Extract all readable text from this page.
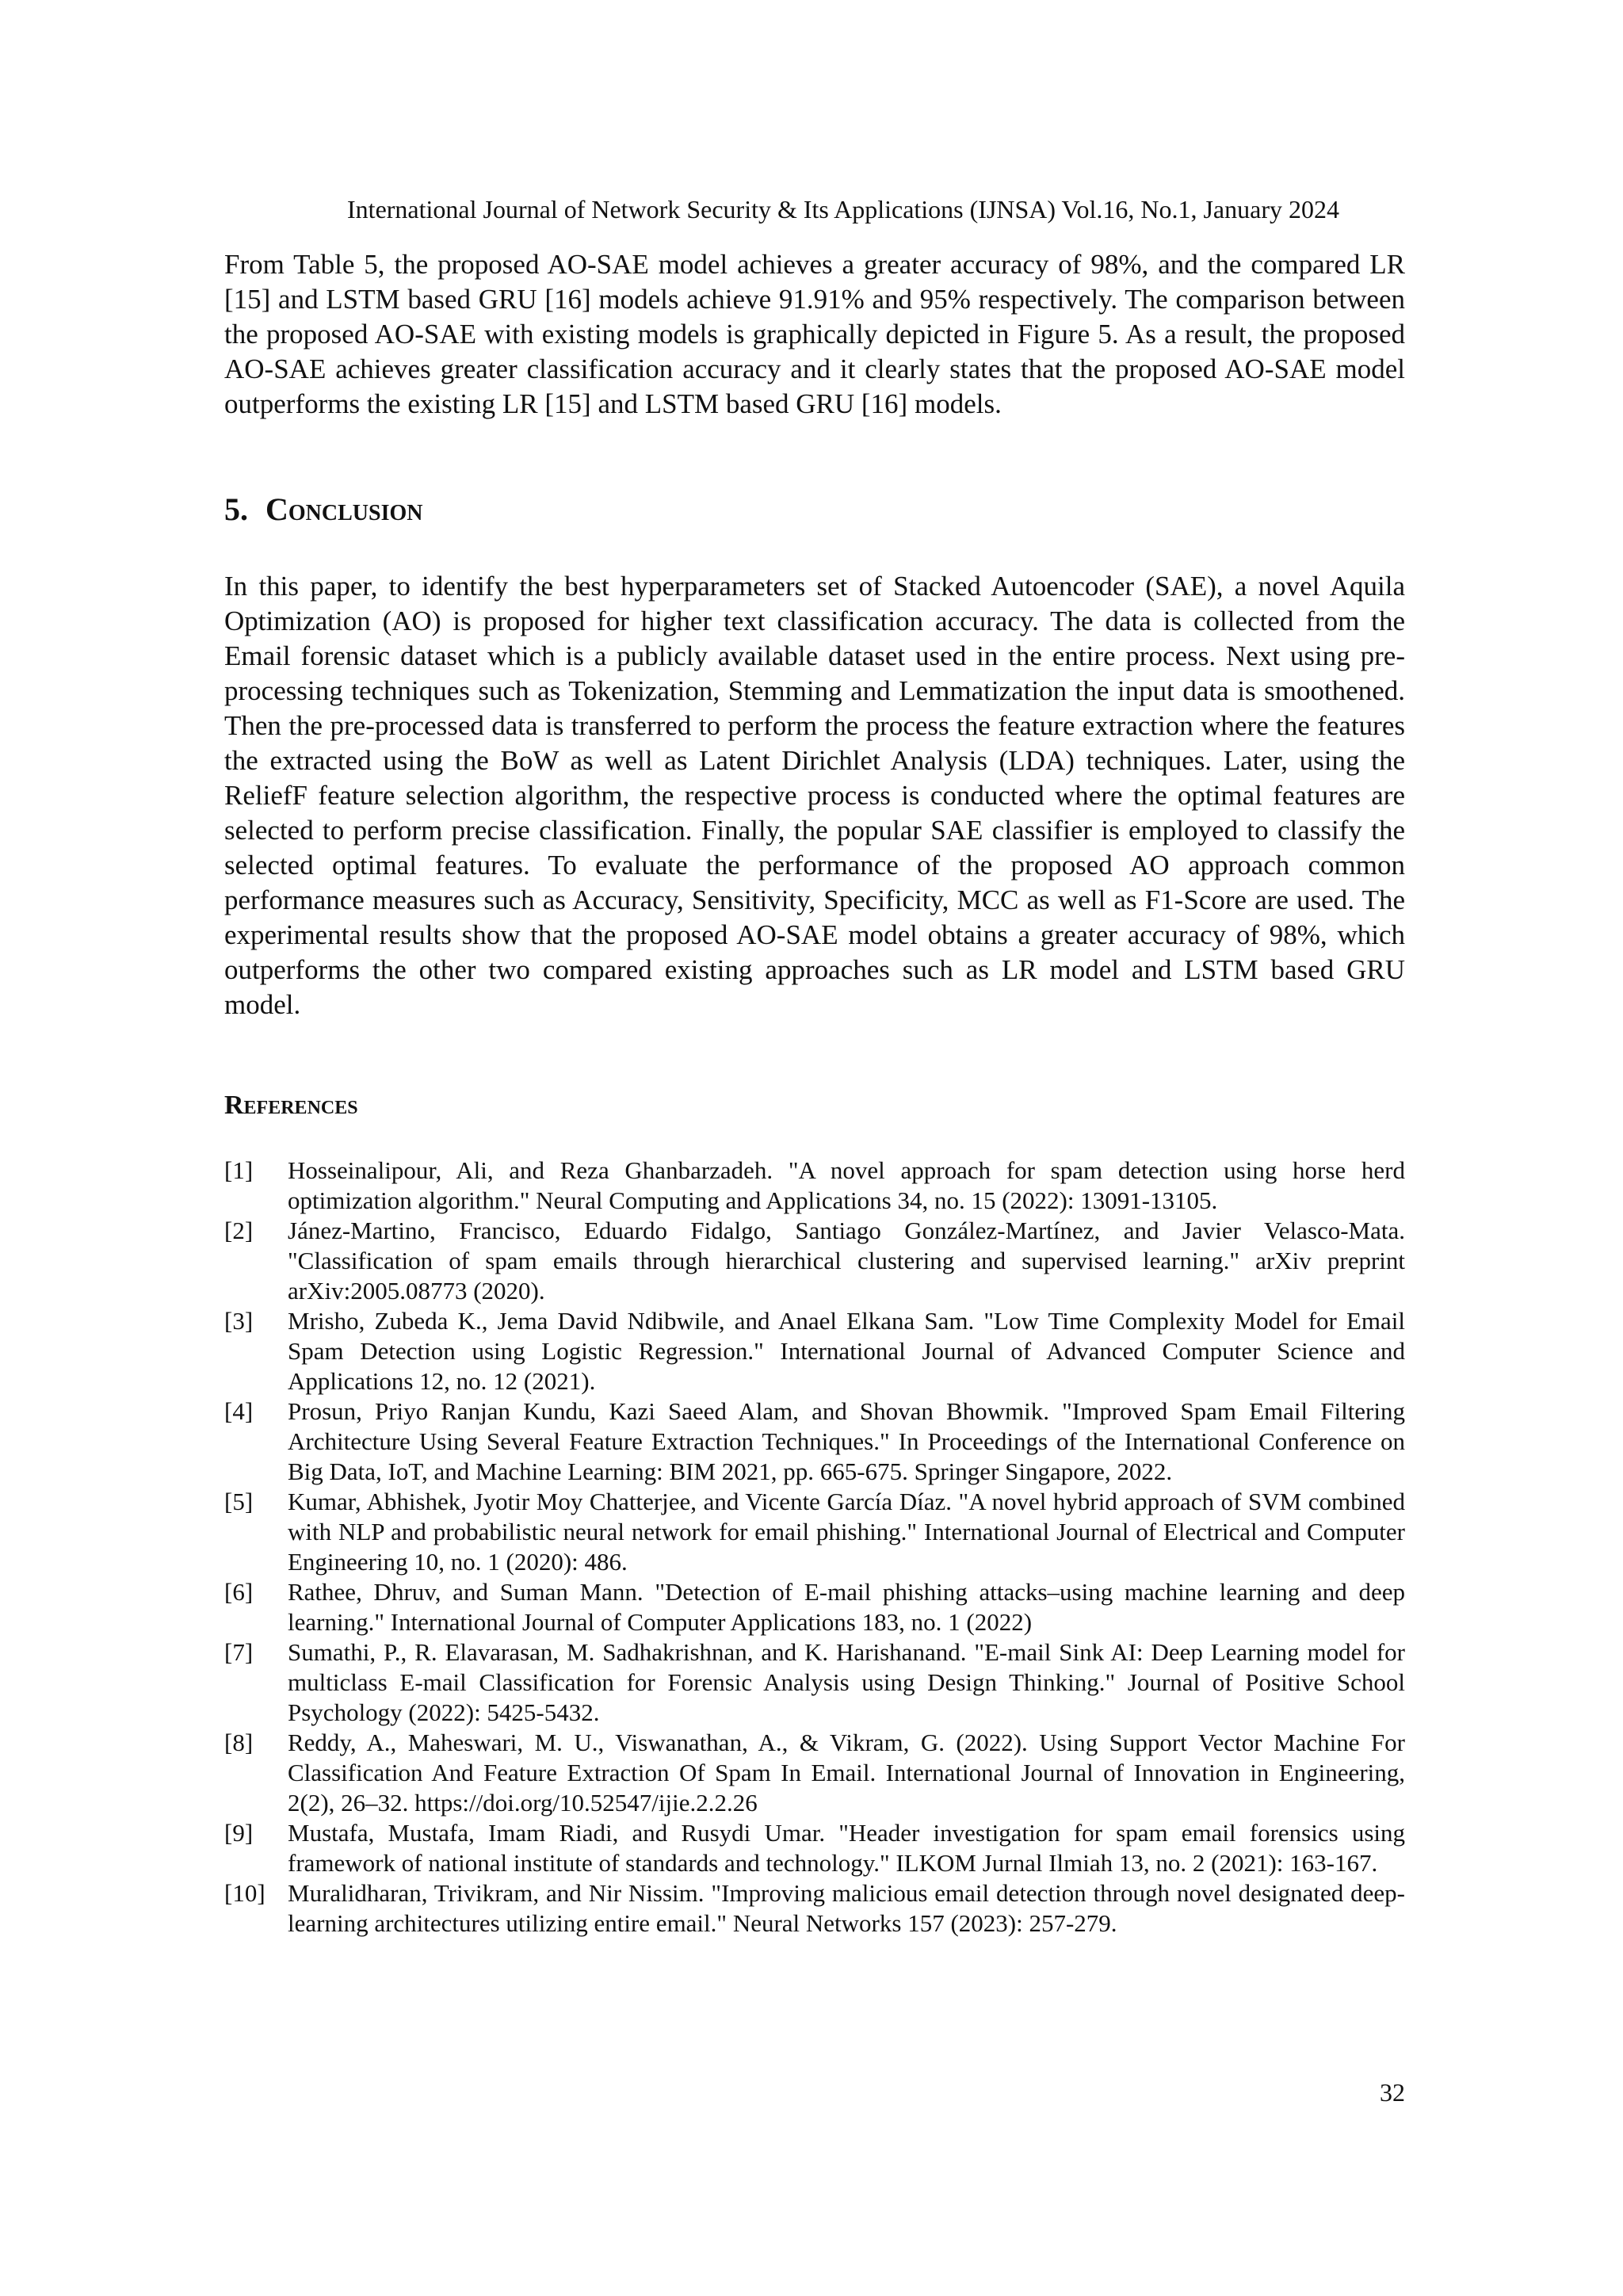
International Journal of Network Security & Its Applications (IJNSA) Vol.16, No.1, January 2024

From Table 5, the proposed AO-SAE model achieves a greater accuracy of 98%, and the compared LR [15] and LSTM based GRU [16] models achieve 91.91% and 95% respectively. The comparison between the proposed AO-SAE with existing models is graphically depicted in Figure 5. As a result, the proposed AO-SAE achieves greater classification accuracy and it clearly states that the proposed AO-SAE model outperforms the existing LR [15] and LSTM based GRU [16] models.

5. Conclusion

In this paper, to identify the best hyperparameters set of Stacked Autoencoder (SAE), a novel Aquila Optimization (AO) is proposed for higher text classification accuracy. The data is collected from the Email forensic dataset which is a publicly available dataset used in the entire process. Next using pre-processing techniques such as Tokenization, Stemming and Lemmatization the input data is smoothened. Then the pre-processed data is transferred to perform the process the feature extraction where the features the extracted using the BoW as well as Latent Dirichlet Analysis (LDA) techniques. Later, using the ReliefF feature selection algorithm, the respective process is conducted where the optimal features are selected to perform precise classification. Finally, the popular SAE classifier is employed to classify the selected optimal features. To evaluate the performance of the proposed AO approach common performance measures such as Accuracy, Sensitivity, Specificity, MCC as well as F1-Score are used. The experimental results show that the proposed AO-SAE model obtains a greater accuracy of 98%, which outperforms the other two compared existing approaches such as LR model and LSTM based GRU model.

References
[1]	Hosseinalipour, Ali, and Reza Ghanbarzadeh. "A novel approach for spam detection using horse herd optimization algorithm." Neural Computing and Applications 34, no. 15 (2022): 13091-13105.
[2]	Jánez-Martino, Francisco, Eduardo Fidalgo, Santiago González-Martínez, and Javier Velasco-Mata. "Classification of spam emails through hierarchical clustering and supervised learning." arXiv preprint arXiv:2005.08773 (2020).
[3]	Mrisho, Zubeda K., Jema David Ndibwile, and Anael Elkana Sam. "Low Time Complexity Model for Email Spam Detection using Logistic Regression." International Journal of Advanced Computer Science and Applications 12, no. 12 (2021).
[4]	Prosun, Priyo Ranjan Kundu, Kazi Saeed Alam, and Shovan Bhowmik. "Improved Spam Email Filtering Architecture Using Several Feature Extraction Techniques." In Proceedings of the International Conference on Big Data, IoT, and Machine Learning: BIM 2021, pp. 665-675. Springer Singapore, 2022.
[5]	Kumar, Abhishek, Jyotir Moy Chatterjee, and Vicente García Díaz. "A novel hybrid approach of SVM combined with NLP and probabilistic neural network for email phishing." International Journal of Electrical and Computer Engineering 10, no. 1 (2020): 486.
[6]	Rathee, Dhruv, and Suman Mann. "Detection of E-mail phishing attacks–using machine learning and deep learning." International Journal of Computer Applications 183, no. 1 (2022)
[7]	Sumathi, P., R. Elavarasan, M. Sadhakrishnan, and K. Harishanand. "E-mail Sink AI: Deep Learning model for multiclass E-mail Classification for Forensic Analysis using Design Thinking." Journal of Positive School Psychology (2022): 5425-5432.
[8]	Reddy, A., Maheswari, M. U., Viswanathan, A., & Vikram, G. (2022). Using Support Vector Machine For Classification And Feature Extraction Of Spam In Email. International Journal of Innovation in Engineering, 2(2), 26–32. https://doi.org/10.52547/ijie.2.2.26
[9]	Mustafa, Mustafa, Imam Riadi, and Rusydi Umar. "Header investigation for spam email forensics using framework of national institute of standards and technology." ILKOM Jurnal Ilmiah 13, no. 2 (2021): 163-167.
[10] Muralidharan, Trivikram, and Nir Nissim. "Improving malicious email detection through novel designated deep-learning architectures utilizing entire email." Neural Networks 157 (2023): 257-279.
32
